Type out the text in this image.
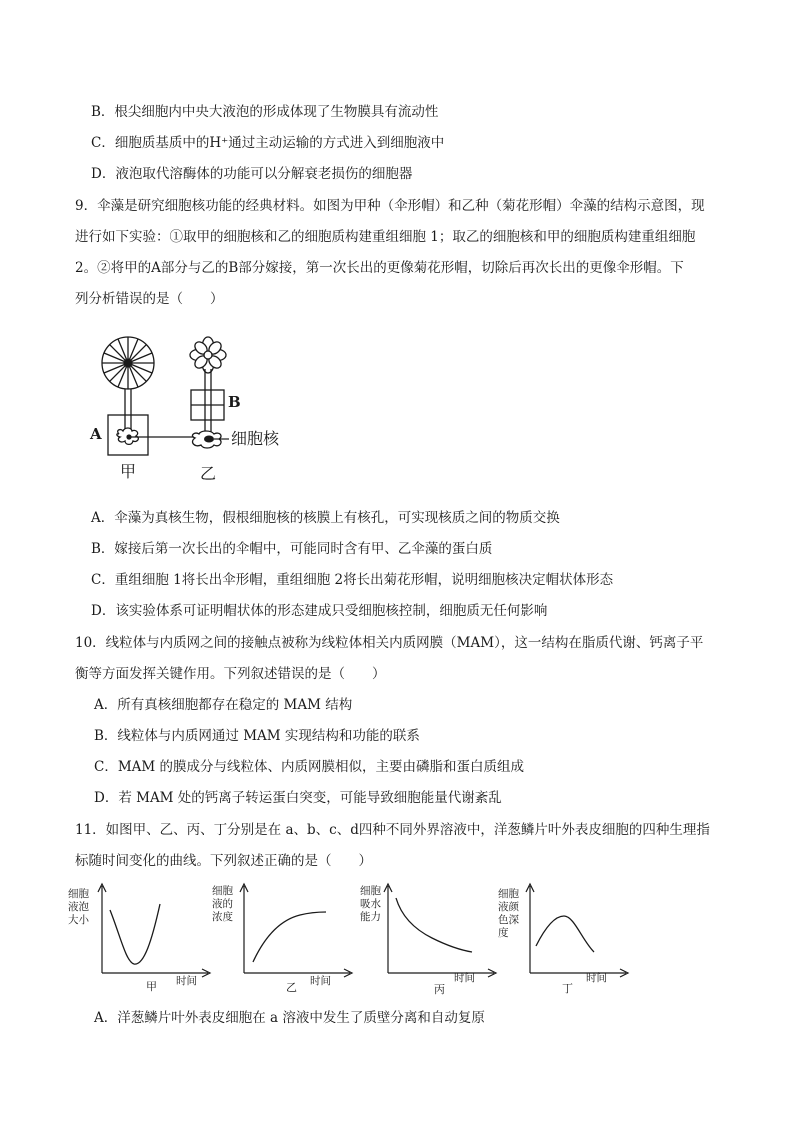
B．根尖细胞内中央大液泡的形成体现了生物膜具有流动性
C．细胞质基质中的H⁺通过主动运输的方式进入到细胞液中
D．液泡取代溶酶体的功能可以分解衰老损伤的细胞器
9．伞藻是研究细胞核功能的经典材料。如图为甲种（伞形帽）和乙种（菊花形帽）伞藻的结构示意图，现
进行如下实验：①取甲的细胞核和乙的细胞质构建重组细胞 1；取乙的细胞核和甲的细胞质构建重组细胞
2。②将甲的A部分与乙的B部分嫁接，第一次长出的更像菊花形帽，切除后再次长出的更像伞形帽。下
列分析错误的是（　　）
A
B
细胞核
甲	乙
A．伞藻为真核生物，假根细胞核的核膜上有核孔，可实现核质之间的物质交换
B．嫁接后第一次长出的伞帽中，可能同时含有甲、乙伞藻的蛋白质
C．重组细胞 1将长出伞形帽，重组细胞 2将长出菊花形帽，说明细胞核决定帽状体形态
D．该实验体系可证明帽状体的形态建成只受细胞核控制，细胞质无任何影响
10．线粒体与内质网之间的接触点被称为线粒体相关内质网膜（MAM），这一结构在脂质代谢、钙离子平
衡等方面发挥关键作用。下列叙述错误的是（　　）
A．所有真核细胞都存在稳定的 MAM 结构
B．线粒体与内质网通过 MAM 实现结构和功能的联系
C．MAM 的膜成分与线粒体、内质网膜相似，主要由磷脂和蛋白质组成
D．若 MAM 处的钙离子转运蛋白突变，可能导致细胞能量代谢紊乱
11．如图甲、乙、丙、丁分别是在 a、b、c、d四种不同外界溶液中，洋葱鳞片叶外表皮细胞的四种生理指
标随时间变化的曲线。下列叙述正确的是（　　）
细胞
液泡
大小
甲 时间
细胞
液的
浓度
乙 时间
细胞
吸水
能力
丙
时间
细胞
液颜
色深
度
丁
时间
A．洋葱鳞片叶外表皮细胞在 a 溶液中发生了质壁分离和自动复原
